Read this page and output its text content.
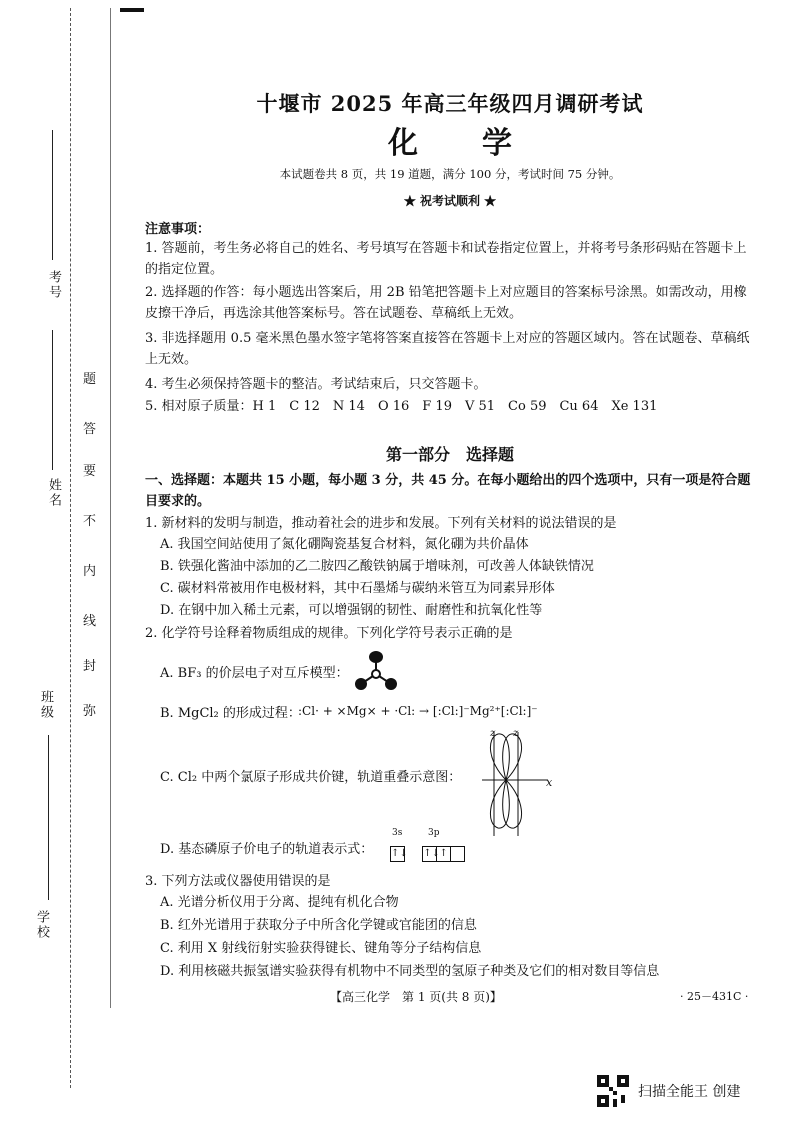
考号
姓名
班级
学校
题
答
要
不
内
线
封
弥
十堰市 2025 年高三年级四月调研考试
化学
本试题卷共 8 页，共 19 道题，满分 100 分，考试时间 75 分钟。
★ 祝考试顺利 ★
注意事项：
1. 答题前，考生务必将自己的姓名、考号填写在答题卡和试卷指定位置上，并将考号条形码贴在答题卡上的指定位置。
2. 选择题的作答：每小题选出答案后，用 2B 铅笔把答题卡上对应题目的答案标号涂黑。如需改动，用橡皮擦干净后，再选涂其他答案标号。答在试题卷、草稿纸上无效。
3. 非选择题用 0.5 毫米黑色墨水签字笔将答案直接答在答题卡上对应的答题区域内。答在试题卷、草稿纸上无效。
4. 考生必须保持答题卡的整洁。考试结束后，只交答题卡。
5. 相对原子质量：H 1　C 12　N 14　O 16　F 19　V 51　Co 59　Cu 64　Xe 131
第一部分　选择题
一、选择题：本题共 15 小题，每小题 3 分，共 45 分。在每小题给出的四个选项中，只有一项是符合题目要求的。
1. 新材料的发明与制造，推动着社会的进步和发展。下列有关材料的说法错误的是
A. 我国空间站使用了氮化硼陶瓷基复合材料，氮化硼为共价晶体
B. 铁强化酱油中添加的乙二胺四乙酸铁钠属于增味剂，可改善人体缺铁情况
C. 碳材料常被用作电极材料，其中石墨烯与碳纳米管互为同素异形体
D. 在钢中加入稀土元素，可以增强钢的韧性、耐磨性和抗氧化性等
2. 化学符号诠释着物质组成的规律。下列化学符号表示正确的是
A. BF₃ 的价层电子对互斥模型：
B. MgCl₂ 的形成过程：
:Cl· + ×Mg× + ·Cl: → [:Cl:]⁻Mg²⁺[:Cl:]⁻
C. Cl₂ 中两个氯原子形成共价键，轨道重叠示意图：
z z
x
D. 基态磷原子价电子的轨道表示式：
3s	3p
↑↓ ↑↓↑
3. 下列方法或仪器使用错误的是
A. 光谱分析仪用于分离、提纯有机化合物
B. 红外光谱用于获取分子中所含化学键或官能团的信息
C. 利用 X 射线衍射实验获得键长、键角等分子结构信息
D. 利用核磁共振氢谱实验获得有机物中不同类型的氢原子种类及它们的相对数目等信息
【高三化学　第 1 页(共 8 页)】	· 25－431C ·
扫描全能王 创建
